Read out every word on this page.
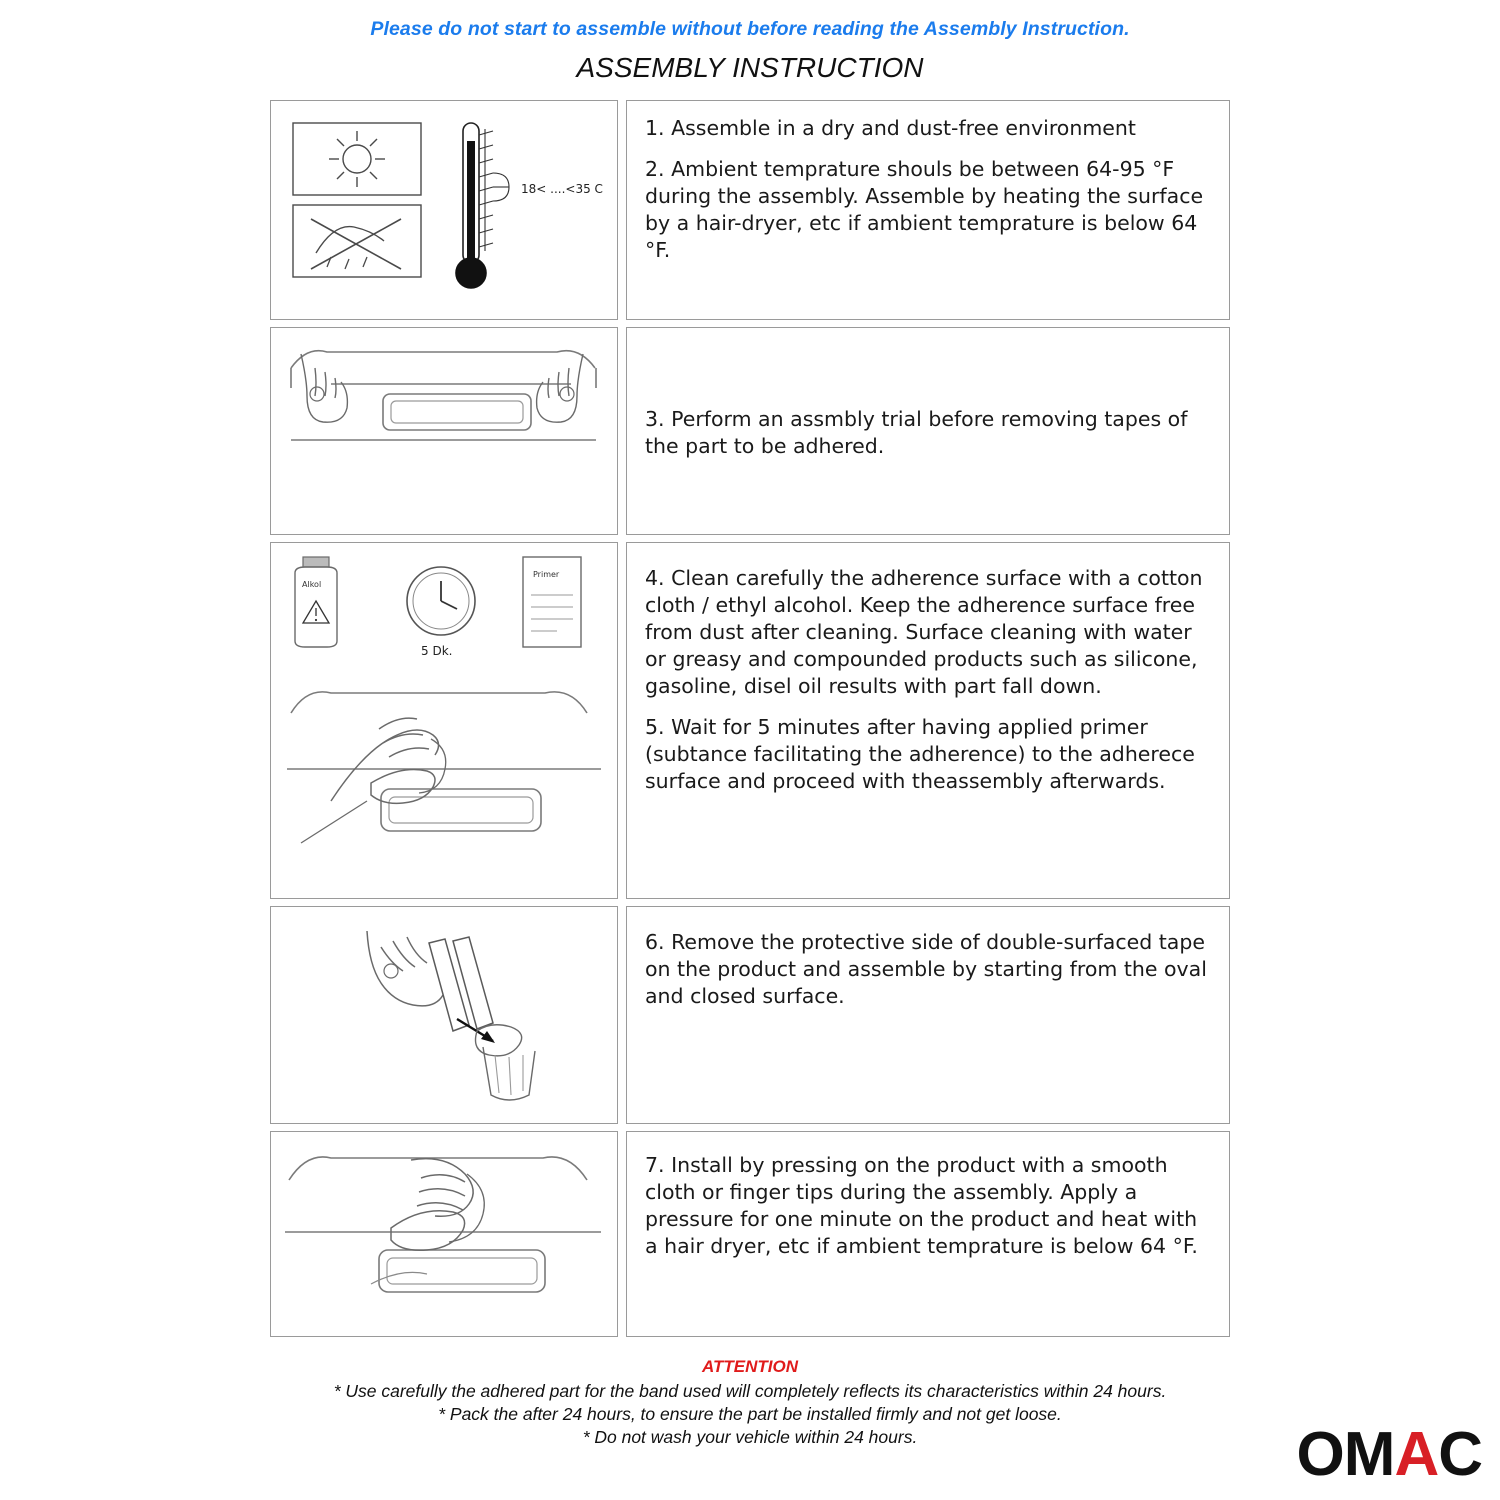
Please do not start to assemble without before reading the Assembly Instruction.
ASSEMBLY INSTRUCTION
18< ....<35 C

1. Assemble in a dry and dust-free environment

2. Ambient temprature shouls be between 64-95 °F during the assembly. Assemble by heating the surface by a hair-dryer, etc if ambient temprature is below 64 °F.

3. Perform an assmbly trial before removing tapes of the part to be adhered.

Alkol
5 Dk.
Primer	4. Clean carefully the adherence surface with a cotton cloth / ethyl alcohol. Keep the adherence surface free from dust after cleaning. Surface cleaning with water or greasy and compounded products such as silicone, gasoline, disel oil results with part fall down.

5. Wait for 5 minutes after having applied primer (subtance facilitating the adherence) to the adherece surface and proceed with theassembly afterwards.

6. Remove the protective side of double-surfaced tape on the product and assemble by starting from the oval and closed surface.

7. Install by pressing on the product with a smooth cloth or finger tips during the assembly. Apply a pressure for one minute on the product and heat with a hair dryer, etc if ambient temprature is below 64 °F.

ATTENTION
* Use carefully the adhered part for the band used will completely reflects its characteristics within 24 hours.
* Pack the after 24 hours, to ensure the part be installed firmly and not get loose.
* Do not wash your vehicle within 24 hours.	O M A C
